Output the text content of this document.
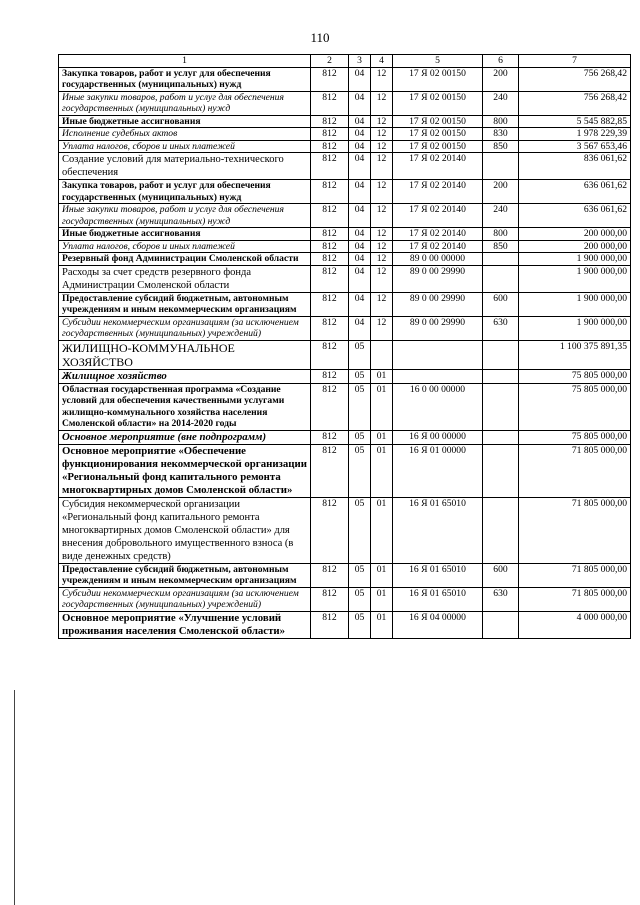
110
1	2	3	4	5	6	7
Закупка товаров, работ и услуг для обеспечения государственных (муниципальных) нужд	812	04	12	17 Я 02 00150	200	756 268,42
Иные закупки товаров, работ и услуг для обеспечения государственных (муниципальных) нужд	812	04	12	17 Я 02 00150	240	756 268,42
Иные бюджетные ассигнования	812	04	12	17 Я 02 00150	800	5 545 882,85
Исполнение судебных актов	812	04	12	17 Я 02 00150	830	1 978 229,39
Уплата налогов, сборов и иных платежей	812	04	12	17 Я 02 00150	850	3 567 653,46
Создание условий для материально-технического обеспечения	812	04	12	17 Я 02 20140		836 061,62
Закупка товаров, работ и услуг для обеспечения государственных (муниципальных) нужд	812	04	12	17 Я 02 20140	200	636 061,62
Иные закупки товаров, работ и услуг для обеспечения государственных (муниципальных) нужд	812	04	12	17 Я 02 20140	240	636 061,62
Иные бюджетные ассигнования	812	04	12	17 Я 02 20140	800	200 000,00
Уплата налогов, сборов и иных платежей	812	04	12	17 Я 02 20140	850	200 000,00
Резервный фонд Администрации Смоленской области	812	04	12	89 0 00 00000		1 900 000,00
Расходы за счет средств резервного фонда Администрации Смоленской области	812	04	12	89 0 00 29990		1 900 000,00
Предоставление субсидий бюджетным, автономным учреждениям и иным некоммерческим организациям	812	04	12	89 0 00 29990	600	1 900 000,00
Субсидии некоммерческим организациям (за исключением государственных (муниципальных) учреждений)	812	04	12	89 0 00 29990	630	1 900 000,00
ЖИЛИЩНО-КОММУНАЛЬНОЕ ХОЗЯЙСТВО	812	05				1 100 375 891,35
Жилищное хозяйство	812	05	01			75 805 000,00
Областная государственная программа «Создание условий для обеспечения качественными услугами жилищно-коммунального хозяйства населения Смоленской области» на 2014-2020 годы	812	05	01	16 0 00 00000		75 805 000,00
Основное мероприятие (вне подпрограмм)	812	05	01	16 Я 00 00000		75 805 000,00
Основное мероприятие «Обеспечение функционирования некоммерческой организации «Региональный фонд капитального ремонта многоквартирных домов Смоленской области»	812	05	01	16 Я 01 00000		71 805 000,00
Субсидия некоммерческой организации «Региональный фонд капитального ремонта многоквартирных домов Смоленской области» для внесения добровольного имущественного взноса (в виде денежных средств)	812	05	01	16 Я 01 65010		71 805 000,00
Предоставление субсидий бюджетным, автономным учреждениям и иным некоммерческим организациям	812	05	01	16 Я 01 65010	600	71 805 000,00
Субсидии некоммерческим организациям (за исключением государственных (муниципальных) учреждений)	812	05	01	16 Я 01 65010	630	71 805 000,00
Основное мероприятие «Улучшение условий проживания населения Смоленской области»	812	05	01	16 Я 04 00000		4 000 000,00
